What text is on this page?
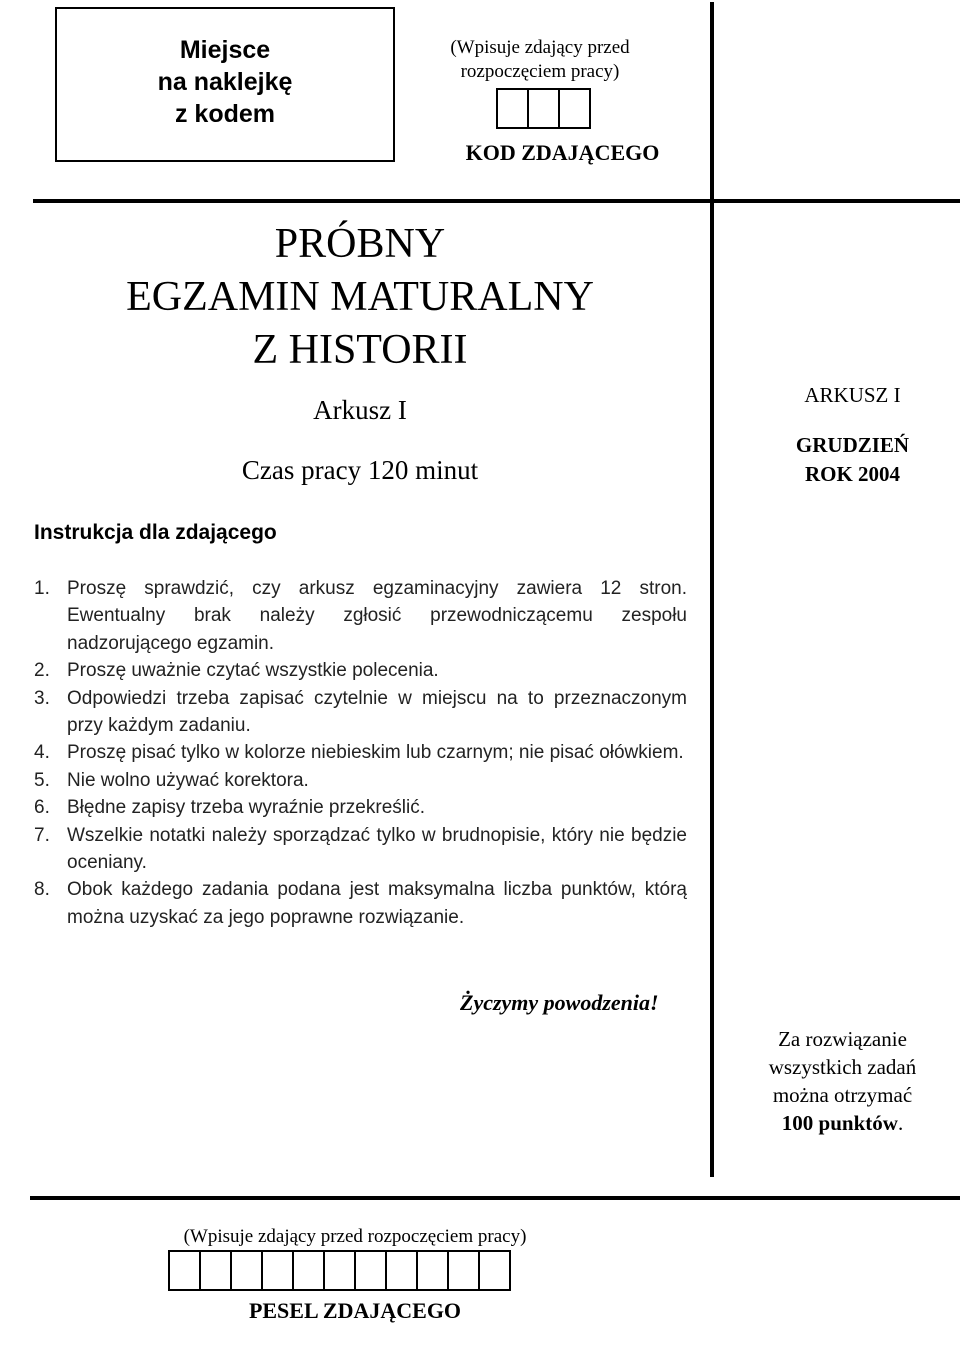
Miejsce
na naklejkę
z kodem
(Wpisuje zdający przed
rozpoczęciem pracy)
KOD ZDAJĄCEGO
PRÓBNY
EGZAMIN MATURALNY
Z HISTORII
Arkusz I
Czas pracy 120 minut
ARKUSZ I
GRUDZIEŃ
ROK 2004
Instrukcja dla zdającego
1. Proszę sprawdzić, czy arkusz egzaminacyjny zawiera 12 stron. Ewentualny brak należy zgłosić przewodniczącemu zespołu nadzorującego egzamin.
2. Proszę uważnie czytać wszystkie polecenia.
3. Odpowiedzi trzeba zapisać czytelnie w miejscu na to przeznaczonym przy każdym zadaniu.
4. Proszę pisać tylko w kolorze niebieskim lub czarnym; nie pisać ołówkiem.
5. Nie wolno używać korektora.
6. Błędne zapisy trzeba wyraźnie przekreślić.
7. Wszelkie notatki należy sporządzać tylko w brudnopisie, który nie będzie oceniany.
8. Obok każdego zadania podana jest maksymalna liczba punktów, którą można uzyskać za jego poprawne rozwiązanie.
Życzymy powodzenia!
Za rozwiązanie
wszystkich zadań
można otrzymać
100 punktów.
(Wpisuje zdający przed rozpoczęciem pracy)
PESEL ZDAJĄCEGO
